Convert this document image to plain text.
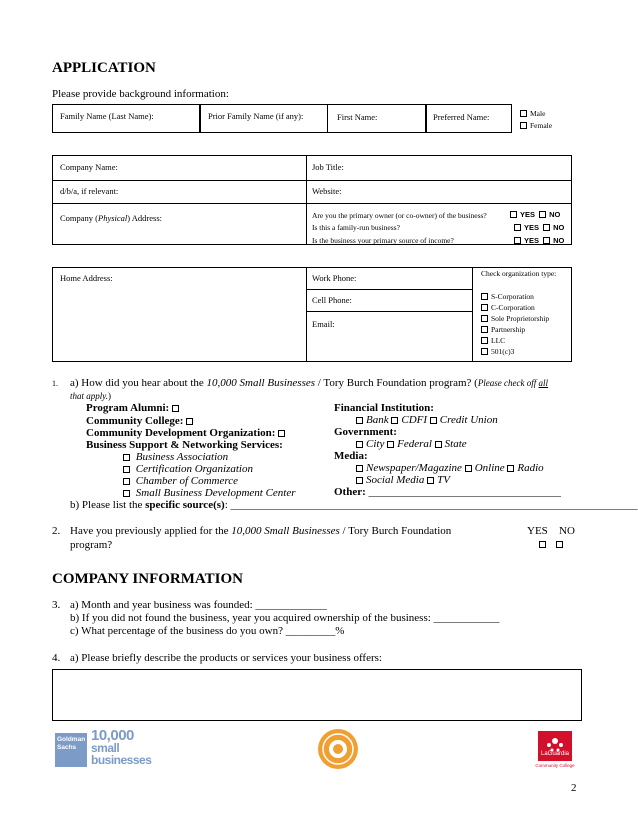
APPLICATION
Please provide background information:
Family Name (Last Name):	Prior Family Name (if any):	First Name:	Preferred Name:	Male
Female
Company Name:	Job Title:
d/b/a, if relevant:	Website:
Company (Physical) Address:	Are you the primary owner (or co-owner) of the business?	YES NO
Is this a family-run business?	YES NO
Is the business your primary source of income?	YES NO
Home Address:	Work Phone:
Cell Phone:
Email:
Check organization type:
S-Corporation
C-Corporation
Sole Proprietorship
Partnership
LLC
501(c)3
1. a) How did you hear about the 10,000 Small Businesses / Tory Burch Foundation program? (Please check off all
that apply.)
Program Alumni:
Community College:
Community Development Organization:
Business Support & Networking Services:
Business Association
Certification Organization
Chamber of Commerce
Small Business Development Center
Financial Institution:
Bank CDFI Credit Union
Government:
City Federal State
Media:
Newspaper/Magazine Online Radio
Social Media TV
Other: ___________________________________
b) Please list the specific source(s): __________________________________________________________________________
2. Have you previously applied for the 10,000 Small Businesses / Tory Burch Foundation
program?
YES NO
COMPANY INFORMATION
3. a) Month and year business was founded: _____________
b) If you did not found the business, year you acquired ownership of the business: ____________
c) What percentage of the business do you own? _________%
4. a) Please briefly describe the products or services your business offers:
Goldman
Sachs
10,000
small
businesses	LaGuardia
Community College
2
